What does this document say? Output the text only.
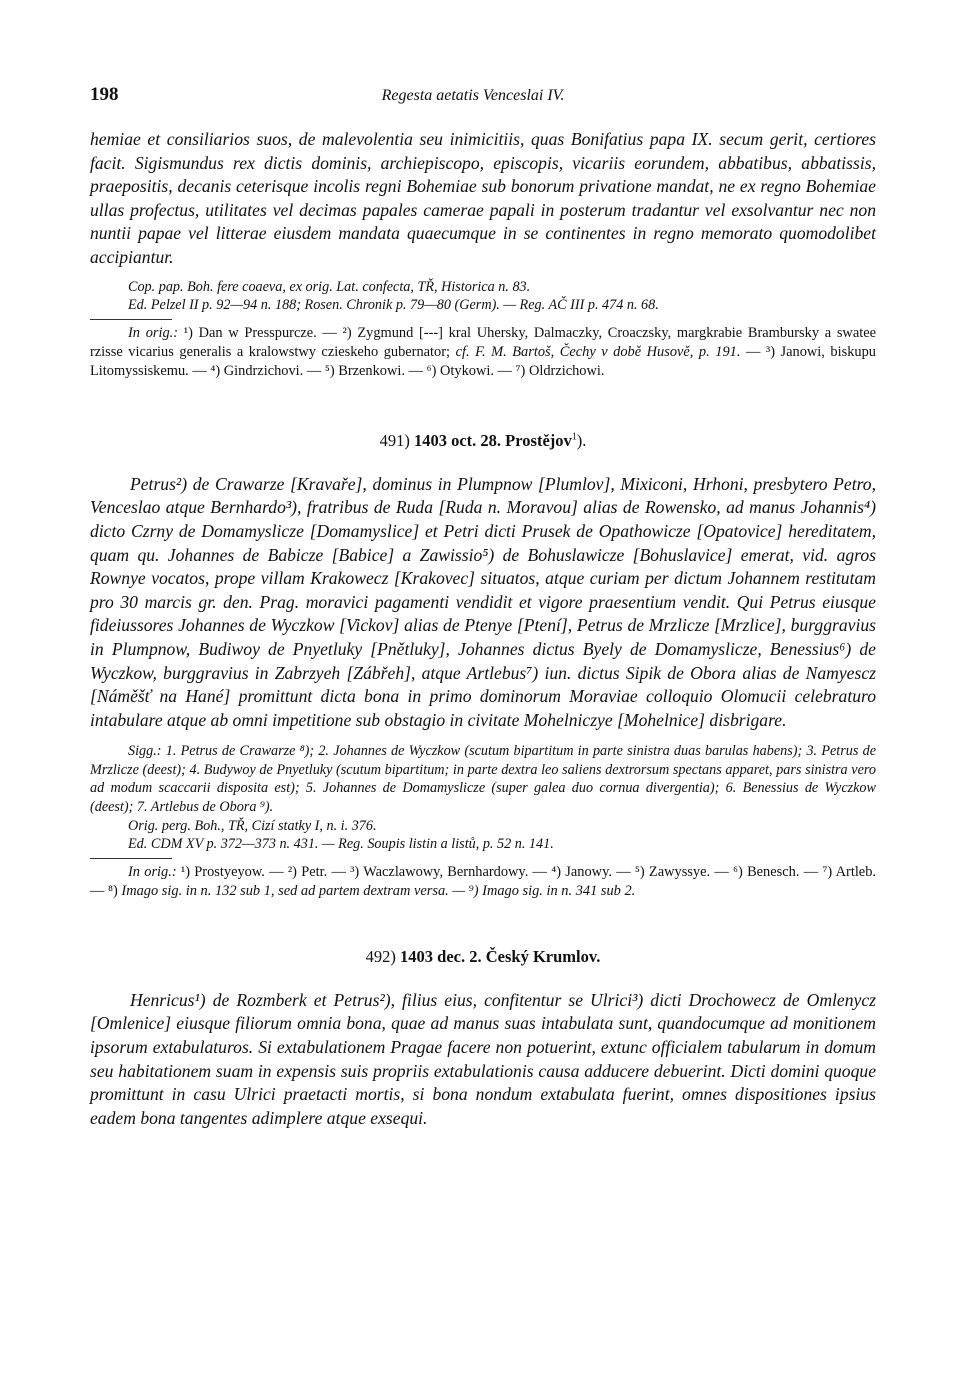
198	Regesta aetatis Venceslai IV.

hemiae et consiliarios suos, de malevolentia seu inimicitiis, quas Bonifatius papa IX. secum gerit, certiores facit. Sigismundus rex dictis dominis, archiepiscopo, episcopis, vicariis eorundem, abbatibus, abbatissis, praepositis, decanis ceterisque incolis regni Bohemiae sub bonorum privatione mandat, ne ex regno Bohemiae ullas profectus, utilitates vel decimas papales camerae papali in posterum tradantur vel exsolvantur nec non nuntii papae vel litterae eiusdem mandata quaecumque in se continentes in regno memorato quomodolibet accipiantur.

Cop. pap. Boh. fere coaeva, ex orig. Lat. confecta, TŘ, Historica n. 83.

Ed. Pelzel II p. 92—94 n. 188; Rosen. Chronik p. 79—80 (Germ). — Reg. AČ III p. 474 n. 68.

In orig.: ¹) Dan w Presspurcze. — ²) Zygmund [---] kral Uhersky, Dalmaczky, Croaczsky, margkrabie Brambursky a swatee rzisse vicarius generalis a kralowstwy czieskeho gubernator; cf. F. M. Bartoš, Čechy v době Husově, p. 191. — ³) Janowi, biskupu Litomyssiskemu. — ⁴) Gindrzichovi. — ⁵) Brzenkowi. — ⁶) Otykowi. — ⁷) Oldrzichowi.

491) 1403 oct. 28. Prostějov$^1$).

Petrus²) de Crawarze [Kravaře], dominus in Plumpnow [Plumlov], Mixiconi, Hrhoni, presbytero Petro, Venceslao atque Bernhardo³), fratribus de Ruda [Ruda n. Moravou] alias de Rowensko, ad manus Johannis⁴) dicto Czrny de Domamyslicze [Domamyslice] et Petri dicti Prusek de Opathowicze [Opatovice] hereditatem, quam qu. Johannes de Babicze [Babice] a Zawissio⁵) de Bohuslawicze [Bohuslavice] emerat, vid. agros Rownye vocatos, prope villam Krakowecz [Krakovec] situatos, atque curiam per dictum Johannem restitutam pro 30 marcis gr. den. Prag. moravici pagamenti vendidit et vigore praesentium vendit. Qui Petrus eiusque fideiussores Johannes de Wyczkow [Vickov] alias de Ptenye [Ptení], Petrus de Mrzlicze [Mrzlice], burggravius in Plumpnow, Budiwoy de Pnyetluky [Pnětluky], Johannes dictus Byely de Domamyslicze, Benessius⁶) de Wyczkow, burggravius in Zabrzyeh [Zábřeh], atque Artlebus⁷) iun. dictus Sipik de Obora alias de Namyescz [Náměšť na Hané] promittunt dicta bona in primo dominorum Moraviae colloquio Olomucii celebraturo intabulare atque ab omni impetitione sub obstagio in civitate Mohelniczye [Mohelnice] disbrigare.

Sigg.: 1. Petrus de Crawarze ⁸); 2. Johannes de Wyczkow (scutum bipartitum in parte sinistra duas barulas habens); 3. Petrus de Mrzlicze (deest); 4. Budywoy de Pnyetluky (scutum bipartitum; in parte dextra leo saliens dextrorsum spectans apparet, pars sinistra vero ad modum scaccarii disposita est); 5. Johannes de Domamyslicze (super galea duo cornua divergentia); 6. Benessius de Wyczkow (deest); 7. Artlebus de Obora ⁹).

Orig. perg. Boh., TŘ, Cizí statky I, n. i. 376.

Ed. CDM XV p. 372—373 n. 431. — Reg. Soupis listin a listů, p. 52 n. 141.

In orig.: ¹) Prostyeyow. — ²) Petr. — ³) Waczlawowy, Bernhardowy. — ⁴) Janowy. — ⁵) Zawyssye. — ⁶) Benesch. — ⁷) Artleb. — ⁸) Imago sig. in n. 132 sub 1, sed ad partem dextram versa. — ⁹) Imago sig. in n. 341 sub 2.

492) 1403 dec. 2. Český Krumlov.

Henricus¹) de Rozmberk et Petrus²), filius eius, confitentur se Ulrici³) dicti Drochowecz de Omlenycz [Omlenice] eiusque filiorum omnia bona, quae ad manus suas intabulata sunt, quandocumque ad monitionem ipsorum extabulaturos. Si extabulationem Pragae facere non potuerint, extunc officialem tabularum in domum seu habitationem suam in expensis suis propriis extabulationis causa adducere debuerint. Dicti domini quoque promittunt in casu Ulrici praetacti mortis, si bona nondum extabulata fuerint, omnes dispositiones ipsius eadem bona tangentes adimplere atque exsequi.
